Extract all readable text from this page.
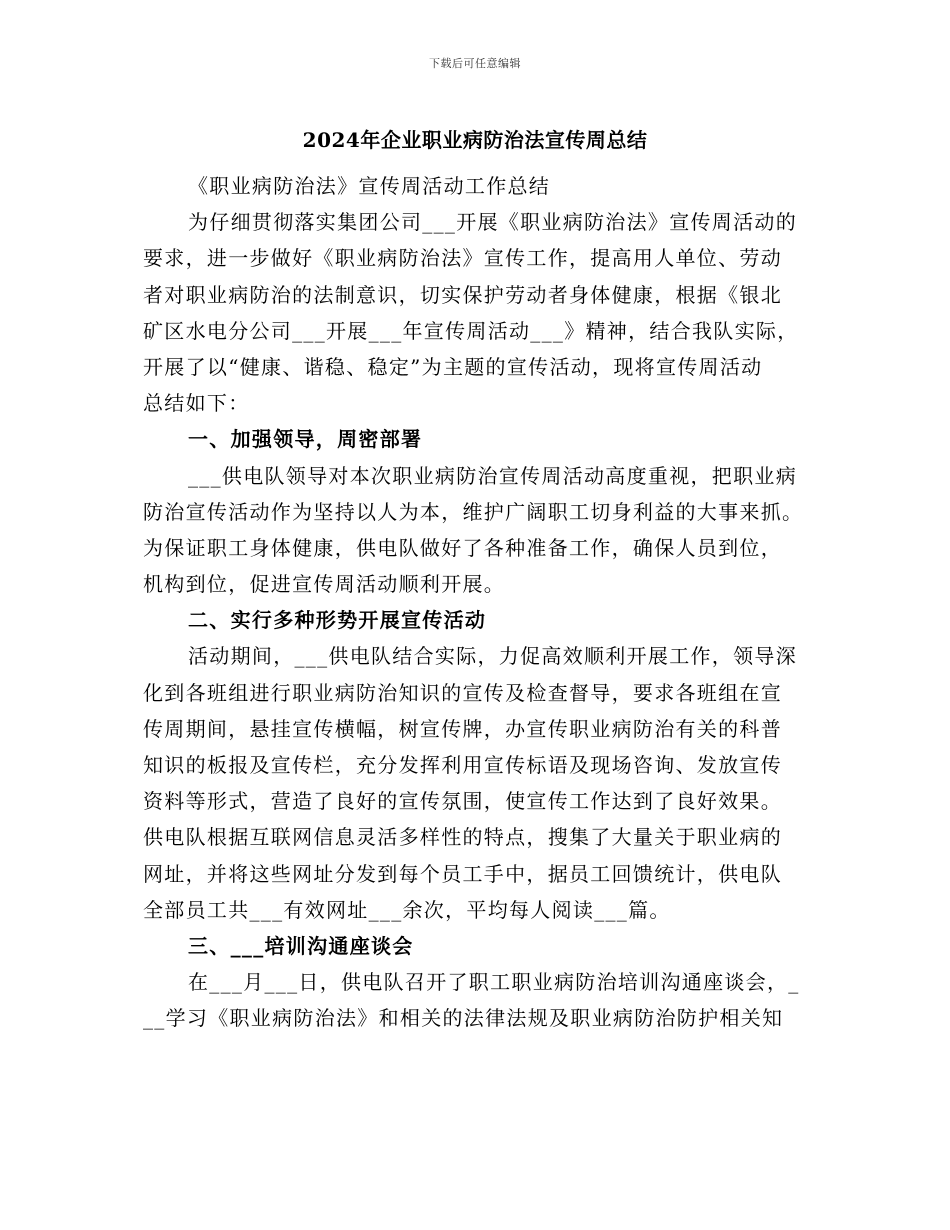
下载后可任意编辑
2024年企业职业病防治法宣传周总结
《职业病防治法》宣传周活动工作总结
为仔细贯彻落实集团公司___开展《职业病防治法》宣传周活动的
要求，进一步做好《职业病防治法》宣传工作，提高用人单位、劳动
者对职业病防治的法制意识，切实保护劳动者身体健康，根据《银北
矿区水电分公司___开展___年宣传周活动___》精神，结合我队实际，
开展了以“健康、谐稳、稳定”为主题的宣传活动，现将宣传周活动
总结如下：
一、加强领导，周密部署
___供电队领导对本次职业病防治宣传周活动高度重视，把职业病
防治宣传活动作为坚持以人为本，维护广阔职工切身利益的大事来抓。
为保证职工身体健康，供电队做好了各种准备工作，确保人员到位，
机构到位，促进宣传周活动顺利开展。
二、实行多种形势开展宣传活动
活动期间，___供电队结合实际，力促高效顺利开展工作，领导深
化到各班组进行职业病防治知识的宣传及检查督导，要求各班组在宣
传周期间，悬挂宣传横幅，树宣传牌，办宣传职业病防治有关的科普
知识的板报及宣传栏，充分发挥利用宣传标语及现场咨询、发放宣传
资料等形式，营造了良好的宣传氛围，使宣传工作达到了良好效果。
供电队根据互联网信息灵活多样性的特点，搜集了大量关于职业病的
网址，并将这些网址分发到每个员工手中，据员工回馈统计，供电队
全部员工共___有效网址___余次，平均每人阅读___篇。
三、___培训沟通座谈会
在___月___日，供电队召开了职工职业病防治培训沟通座谈会，_
__学习《职业病防治法》和相关的法律法规及职业病防治防护相关知
